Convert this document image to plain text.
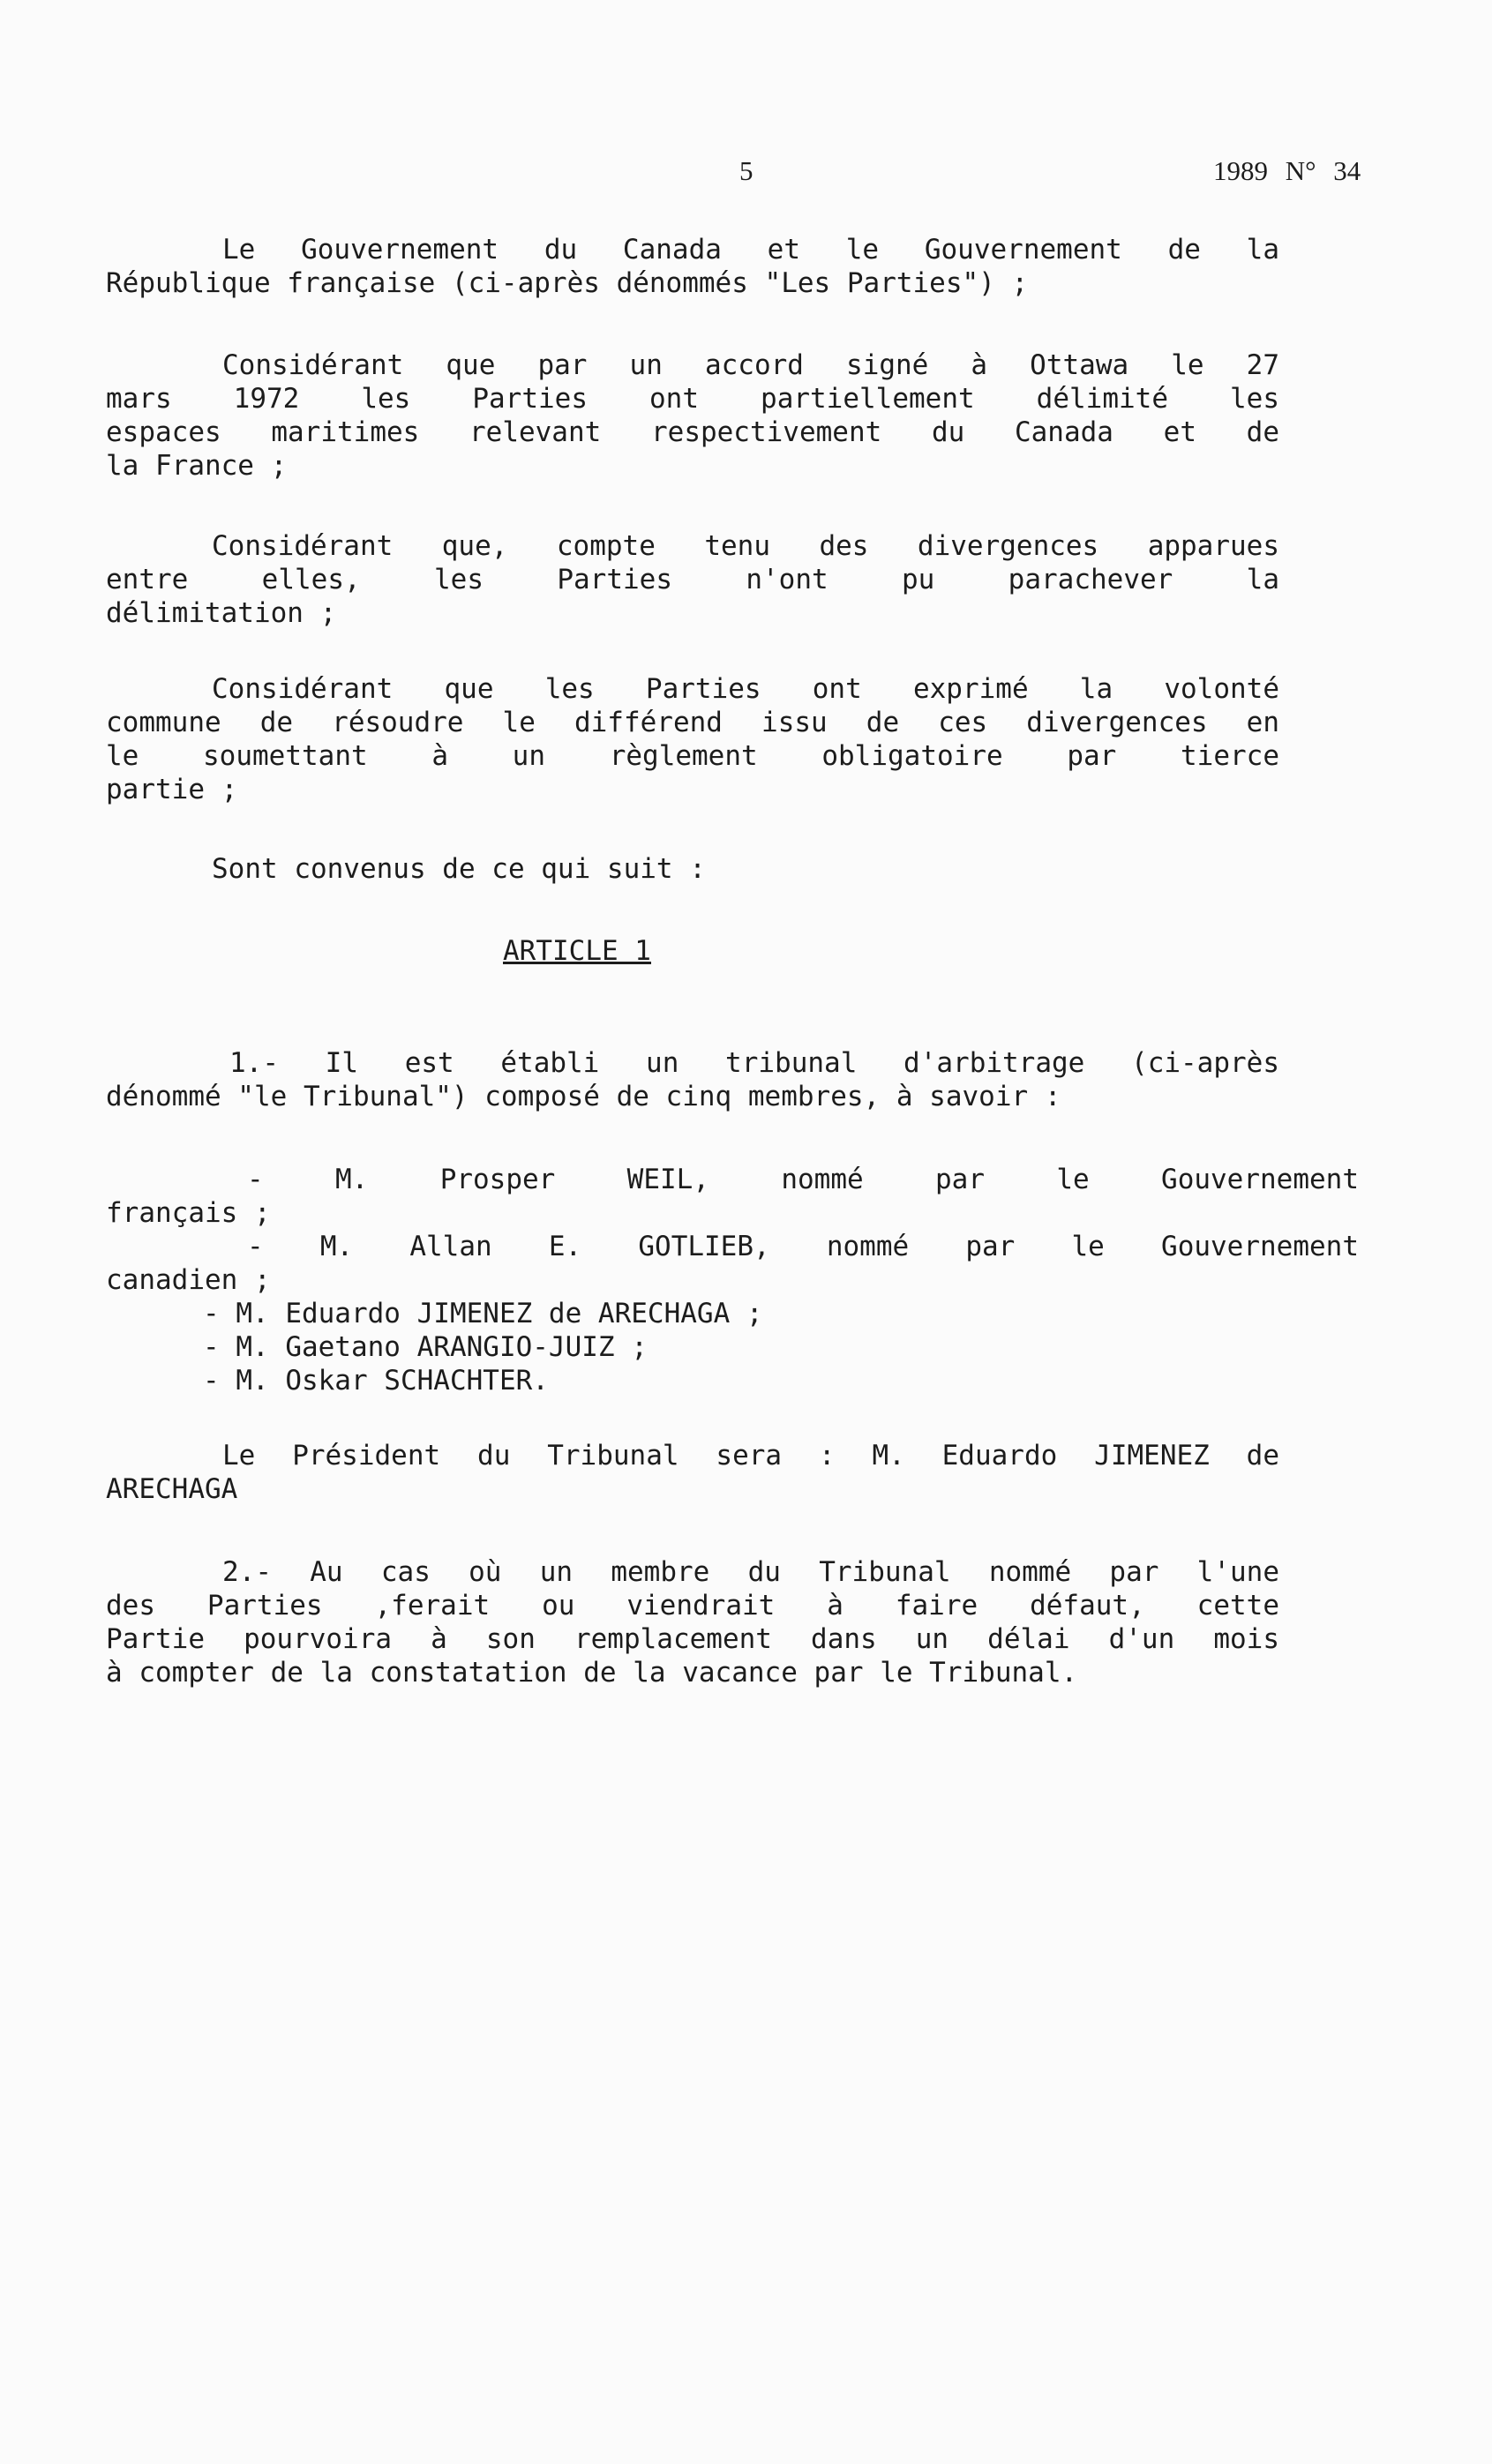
5	1989 N° 34
Le Gouvernement du Canada et le Gouvernement de la
République française (ci-après dénommés "Les Parties") ;
Considérant que par un accord signé à Ottawa le 27
mars 1972 les Parties ont partiellement délimité les
espaces maritimes relevant respectivement du Canada et de
la France ;
Considérant que, compte tenu des divergences apparues
entre elles, les Parties n'ont pu parachever la
délimitation ;
Considérant que les Parties ont exprimé la volonté
commune de résoudre le différend issu de ces divergences en
le soumettant à un règlement obligatoire par tierce
partie ;
Sont convenus de ce qui suit :
ARTICLE 1
1.- Il est établi un tribunal d'arbitrage (ci-après
dénommé "le Tribunal") composé de cinq membres, à savoir :
- M. Prosper WEIL, nommé par le Gouvernement
français ;
- M. Allan E. GOTLIEB, nommé par le Gouvernement
canadien ;
- M. Eduardo JIMENEZ de ARECHAGA ;
- M. Gaetano ARANGIO-JUIZ ;
- M. Oskar SCHACHTER.
Le Président du Tribunal sera : M. Eduardo JIMENEZ de
ARECHAGA
2.- Au cas où un membre du Tribunal nommé par l'une
des Parties ,ferait ou viendrait à faire défaut, cette
Partie pourvoira à son remplacement dans un délai d'un mois
à compter de la constatation de la vacance par le Tribunal.
